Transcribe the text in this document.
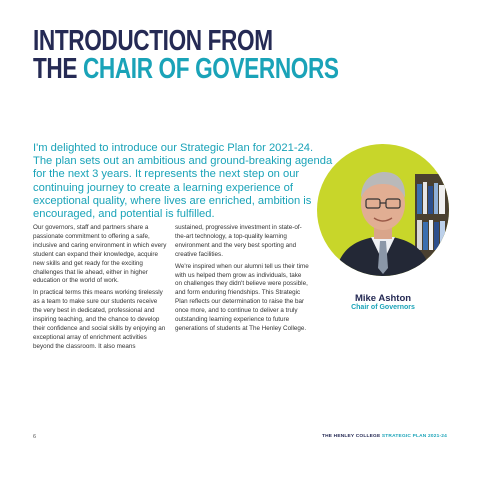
INTRODUCTION FROM
THE CHAIR OF GOVERNORS

I'm delighted to introduce our Strategic Plan for 2021-24. The plan sets out an ambitious and ground-breaking agenda for the next 3 years. It represents the next step on our continuing journey to create a learning experience of exceptional quality, where lives are enriched, ambition is encouraged, and potential is fulfilled.

Our governors, staff and partners share a passionate commitment to offering a safe, inclusive and caring environment in which every student can expand their knowledge, acquire new skills and get ready for the exciting challenges that lie ahead, either in higher education or the world of work.

In practical terms this means working tirelessly as a team to make sure our students receive the very best in dedicated, professional and inspiring teaching, and the chance to develop their confidence and social skills by enjoying an exceptional array of enrichment activities beyond the classroom. It also means

sustained, progressive investment in state-of-the-art technology, a top-quality learning environment and the very best sporting and creative facilities.

We're inspired when our alumni tell us their time with us helped them grow as individuals, take on challenges they didn't believe were possible, and form enduring friendships. This Strategic Plan reflects our determination to raise the bar once more, and to continue to deliver a truly outstanding learning experience to future generations of students at The Henley College.

Mike Ashton
Chair of Governors
6	THE HENLEY COLLEGE STRATEGIC PLAN 2021-24
